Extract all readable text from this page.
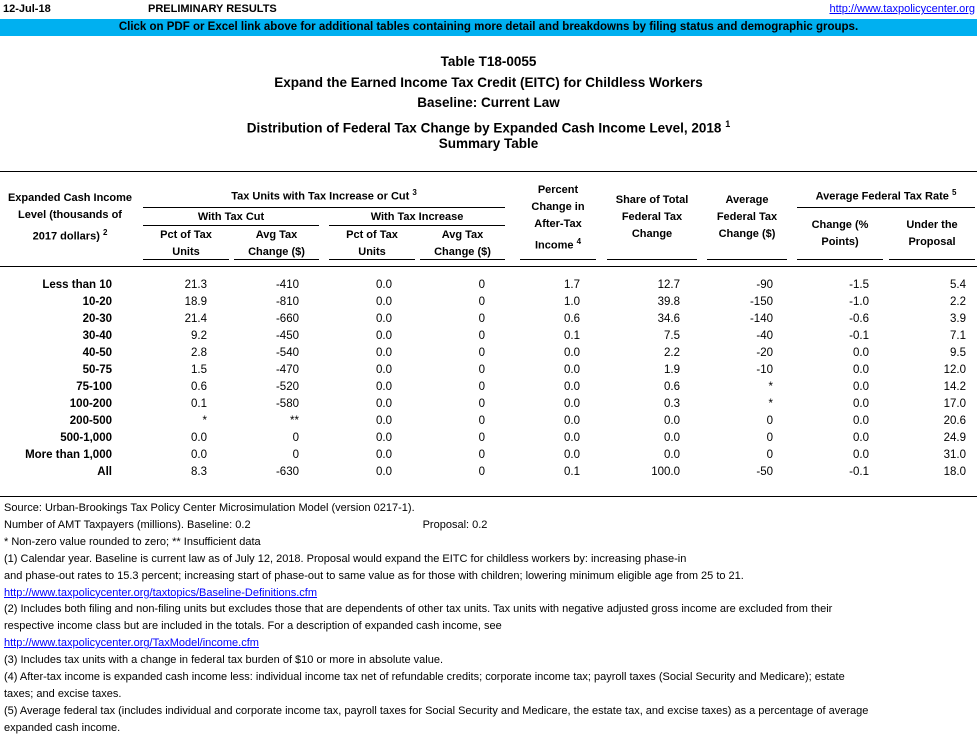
12-Jul-18	PRELIMINARY RESULTS	http://www.taxpolicycenter.org
Click on PDF or Excel link above for additional tables containing more detail and breakdowns by filing status and demographic groups.
Table T18-0055
Expand the Earned Income Tax Credit (EITC) for Childless Workers
Baseline: Current Law
Distribution of Federal Tax Change by Expanded Cash Income Level, 2018 $^1$
Summary Table
Expanded Cash Income
Level (thousands of
2017 dollars) $^2$
Tax Units with Tax Increase or Cut $^3$
With Tax Cut	With Tax Increase
Pct of Tax
Units
Avg Tax
Change ($)
Pct of Tax
Units
Avg Tax
Change ($)
Percent
Change in
After-Tax
Income $^4$
Share of Total
Federal Tax
Change
Average
Federal Tax
Change ($)
Average Federal Tax Rate $^5$
Change (%
Points)
Under the
Proposal
Less than 10	21.3	-410	0.0	0	1.7	12.7	-90	-1.5	5.4
10-20	18.9	-810	0.0	0	1.0	39.8	-150	-1.0	2.2
20-30	21.4	-660	0.0	0	0.6	34.6	-140	-0.6	3.9
30-40	9.2	-450	0.0	0	0.1	7.5	-40	-0.1	7.1
40-50	2.8	-540	0.0	0	0.0	2.2	-20	0.0	9.5
50-75	1.5	-470	0.0	0	0.0	1.9	-10	0.0	12.0
75-100	0.6	-520	0.0	0	0.0	0.6	*	0.0	14.2
100-200	0.1	-580	0.0	0	0.0	0.3	*	0.0	17.0
200-500	*	**	0.0	0	0.0	0.0	0	0.0	20.6
500-1,000	0.0	0	0.0	0	0.0	0.0	0	0.0	24.9
More than 1,000	0.0	0	0.0	0	0.0	0.0	0	0.0	31.0
All	8.3	-630	0.0	0	0.1	100.0	-50	-0.1	18.0
Source: Urban-Brookings Tax Policy Center Microsimulation Model (version 0217-1).
Number of AMT Taxpayers (millions). Baseline: 0.2	Proposal: 0.2
* Non-zero value rounded to zero; ** Insufficient data
(1) Calendar year. Baseline is current law as of July 12, 2018. Proposal would expand the EITC for childless workers by: increasing phase-in
and phase-out rates to 15.3 percent; increasing start of phase-out to same value as for those with children; lowering minimum eligible age from 25 to 21.
http://www.taxpolicycenter.org/taxtopics/Baseline-Definitions.cfm
(2) Includes both filing and non-filing units but excludes those that are dependents of other tax units. Tax units with negative adjusted gross income are excluded from their
respective income class but are included in the totals. For a description of expanded cash income, see
http://www.taxpolicycenter.org/TaxModel/income.cfm
(3) Includes tax units with a change in federal tax burden of $10 or more in absolute value.
(4) After-tax income is expanded cash income less: individual income tax net of refundable credits; corporate income tax; payroll taxes (Social Security and Medicare); estate
taxes; and excise taxes.
(5) Average federal tax (includes individual and corporate income tax, payroll taxes for Social Security and Medicare, the estate tax, and excise taxes) as a percentage of average
expanded cash income.
